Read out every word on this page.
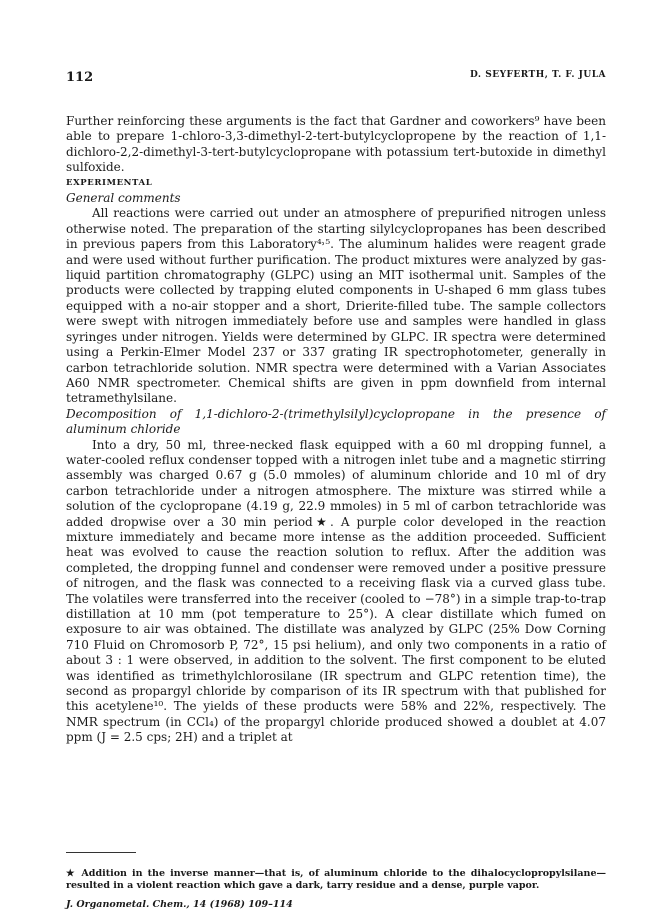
112	D. SEYFERTH, T. F. JULA

Further reinforcing these arguments is the fact that Gardner and coworkers⁹ have been able to prepare 1-chloro-3,3-dimethyl-2-tert-butylcyclopropene by the reaction of 1,1-dichloro-2,2-dimethyl-3-tert-butylcyclopropane with potassium tert-butoxide in dimethyl sulfoxide.

EXPERIMENTAL

General comments

All reactions were carried out under an atmosphere of prepurified nitrogen unless otherwise noted. The preparation of the starting silylcyclopropanes has been described in previous papers from this Laboratory⁴˒⁵. The aluminum halides were reagent grade and were used without further purification. The product mixtures were analyzed by gas-liquid partition chromatography (GLPC) using an MIT isothermal unit. Samples of the products were collected by trapping eluted components in U-shaped 6 mm glass tubes equipped with a no-air stopper and a short, Drierite-filled tube. The sample collectors were swept with nitrogen immediately before use and samples were handled in glass syringes under nitrogen. Yields were determined by GLPC. IR spectra were determined using a Perkin-Elmer Model 237 or 337 grating IR spectrophotometer, generally in carbon tetrachloride solution. NMR spectra were determined with a Varian Associates A60 NMR spectrometer. Chemical shifts are given in ppm downfield from internal tetramethylsilane.

Decomposition of 1,1-dichloro-2-(trimethylsilyl)cyclopropane in the presence of aluminum chloride

Into a dry, 50 ml, three-necked flask equipped with a 60 ml dropping funnel, a water-cooled reflux condenser topped with a nitrogen inlet tube and a magnetic stirring assembly was charged 0.67 g (5.0 mmoles) of aluminum chloride and 10 ml of dry carbon tetrachloride under a nitrogen atmosphere. The mixture was stirred while a solution of the cyclopropane (4.19 g, 22.9 mmoles) in 5 ml of carbon tetrachloride was added dropwise over a 30 min period★. A purple color developed in the reaction mixture immediately and became more intense as the addition proceeded. Sufficient heat was evolved to cause the reaction solution to reflux. After the addition was completed, the dropping funnel and condenser were removed under a positive pressure of nitrogen, and the flask was connected to a receiving flask via a curved glass tube. The volatiles were transferred into the receiver (cooled to −78°) in a simple trap-to-trap distillation at 10 mm (pot temperature to 25°). A clear distillate which fumed on exposure to air was obtained. The distillate was analyzed by GLPC (25% Dow Corning 710 Fluid on Chromosorb P, 72°, 15 psi helium), and only two components in a ratio of about 3 : 1 were observed, in addition to the solvent. The first component to be eluted was identified as trimethylchlorosilane (IR spectrum and GLPC retention time), the second as propargyl chloride by comparison of its IR spectrum with that published for this acetylene¹⁰. The yields of these products were 58% and 22%, respectively. The NMR spectrum (in CCl₄) of the propargyl chloride produced showed a doublet at 4.07 ppm (J = 2.5 cps; 2H) and a triplet at

★ Addition in the inverse manner—that is, of aluminum chloride to the dihalocyclopropylsilane—resulted in a violent reaction which gave a dark, tarry residue and a dense, purple vapor.

J. Organometal. Chem., 14 (1968) 109–114
